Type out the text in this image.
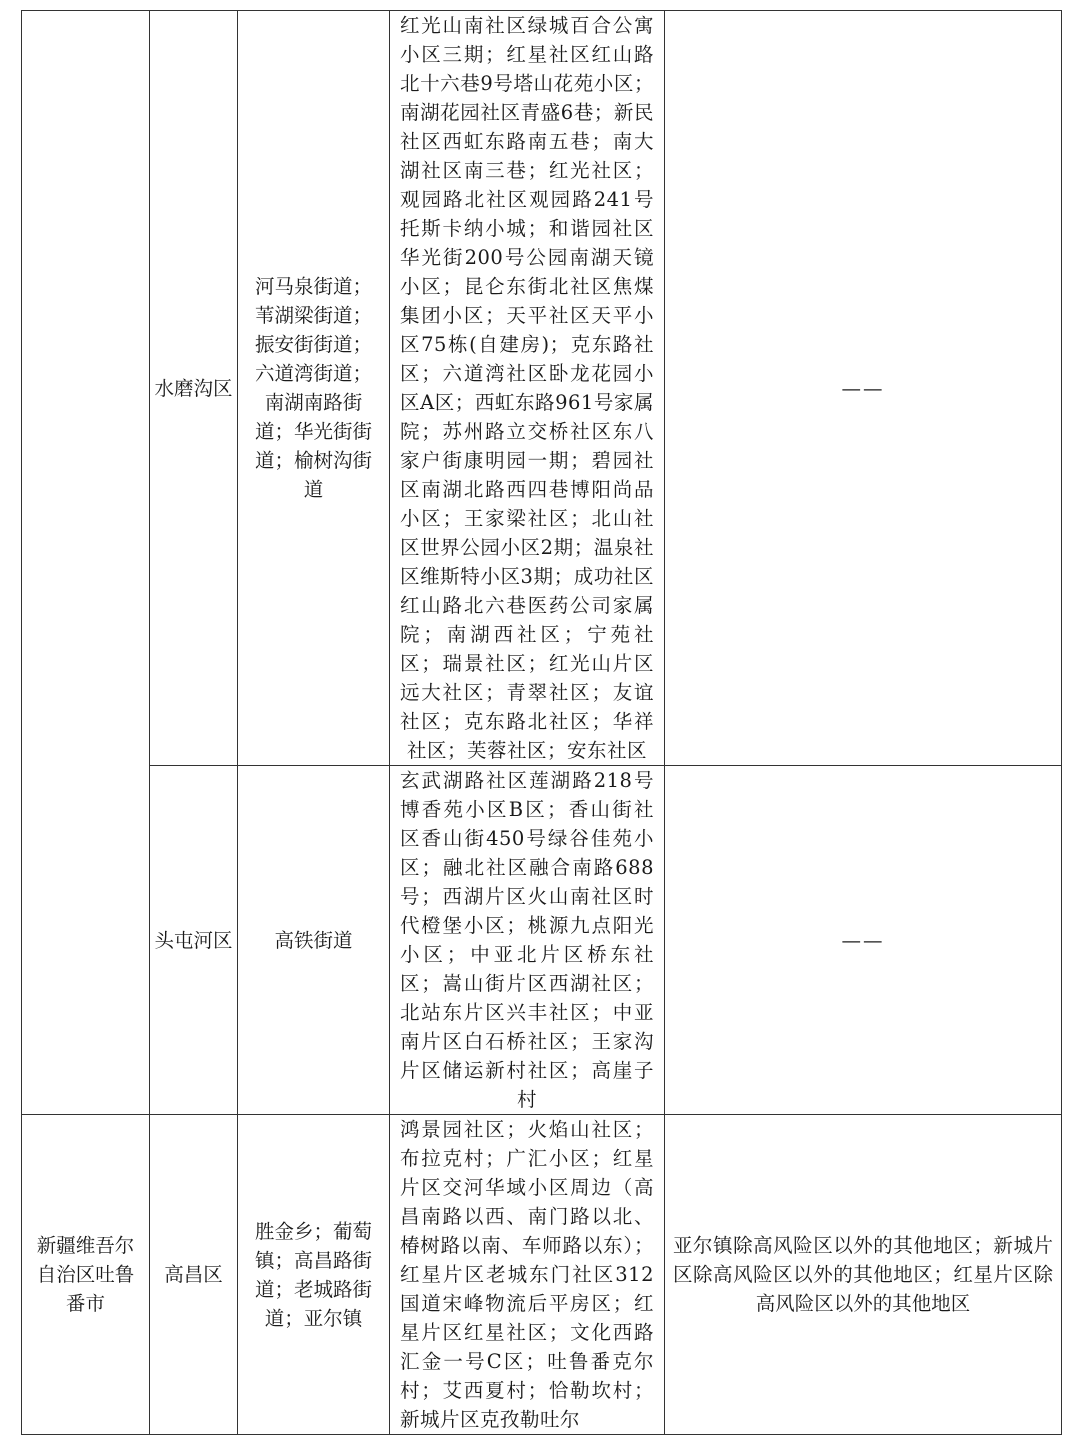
	水磨沟区	河马泉街道；苇湖梁街道；振安街街道；六道湾街道；南湖南路街道；华光街街道；榆树沟街道	红光山南社区绿城百合公寓小区三期；红星社区红山路北十六巷9号塔山花苑小区；南湖花园社区青盛6巷；新民社区西虹东路南五巷；南大湖社区南三巷；红光社区；观园路北社区观园路241号托斯卡纳小城；和谐园社区华光街200号公园南湖天镜小区；昆仑东街北社区焦煤集团小区；天平社区天平小区75栋(自建房)；克东路社区；六道湾社区卧龙花园小区A区；西虹东路961号家属院；苏州路立交桥社区东八家户街康明园一期；碧园社区南湖北路西四巷博阳尚品小区；王家梁社区；北山社区世界公园小区2期；温泉社区维斯特小区3期；成功社区红山路北六巷医药公司家属院；南湖西社区；宁苑社区；瑞景社区；红光山片区远大社区；青翠社区；友谊社区；克东路北社区；华祥社区；芙蓉社区；安东社区	——

	头屯河区	高铁街道	玄武湖路社区莲湖路218号博香苑小区B区；香山街社区香山街450号绿谷佳苑小区；融北社区融合南路688号；西湖片区火山南社区时代橙堡小区；桃源九点阳光小区；中亚北片区桥东社区；嵩山街片区西湖社区；北站东片区兴丰社区；中亚南片区白石桥社区；王家沟片区储运新村社区；高崖子村	——

新疆维吾尔自治区吐鲁番市	高昌区	胜金乡；葡萄镇；高昌路街道；老城路街道；亚尔镇	鸿景园社区；火焰山社区；布拉克村；广汇小区；红星片区交河华域小区周边（高昌南路以西、南门路以北、椿树路以南、车师路以东）；红星片区老城东门社区312国道宋峰物流后平房区；红星片区红星社区；文化西路汇金一号C区；吐鲁番克尔村；艾西夏村；恰勒坎村；新城片区克孜勒吐尔	亚尔镇除高风险区以外的其他地区；新城片区除高风险区以外的其他地区；红星片区除高风险区以外的其他地区
